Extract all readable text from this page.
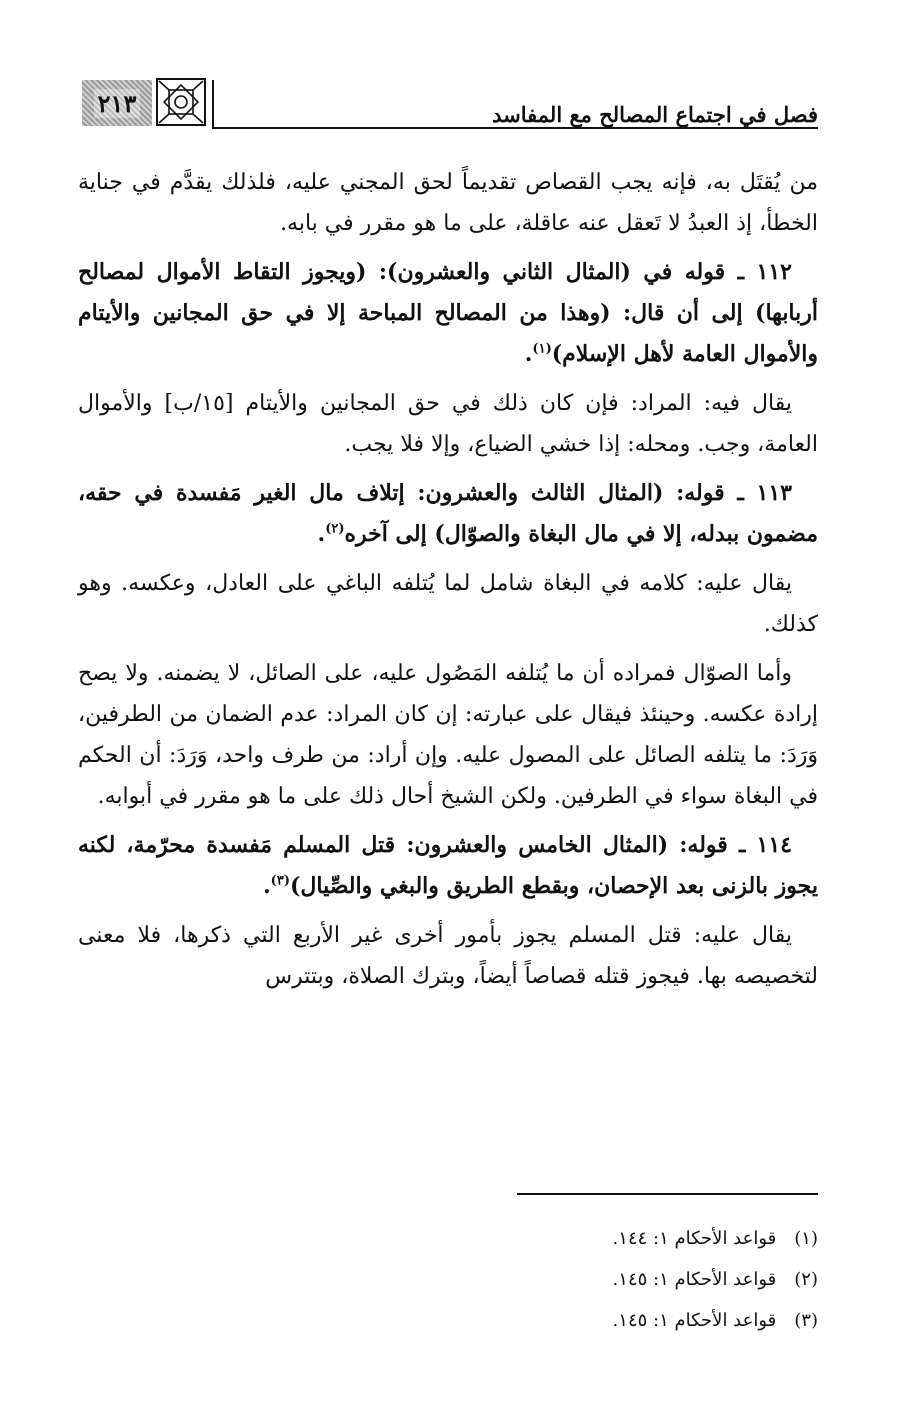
٢١٣	فصل في اجتماع المصالح مع المفاسد

من يُقتَل به، فإنه يجب القصاص تقديماً لحق المجني عليه، فلذلك يقدَّم في جناية الخطأ، إذ العبدُ لا تَعقل عنه عاقلة، على ما هو مقرر في بابه.

١١٢ ـ قوله في (المثال الثاني والعشرون): (ويجوز التقاط الأموال لمصالح أربابها) إلى أن قال: (وهذا من المصالح المباحة إلا في حق المجانين والأيتام والأموال العامة لأهل الإسلام)$^{(١)}$.

يقال فيه: المراد: فإن كان ذلك في حق المجانين والأيتام [١٥/ب] والأموال العامة، وجب. ومحله: إذا خشي الضياع، وإلا فلا يجب.

١١٣ ـ قوله: (المثال الثالث والعشرون: إتلاف مال الغير مَفسدة في حقه، مضمون ببدله، إلا في مال البغاة والصوّال) إلى آخره$^{(٢)}$.

يقال عليه: كلامه في البغاة شامل لما يُتلفه الباغي على العادل، وعكسه. وهو كذلك.

وأما الصوّال فمراده أن ما يُتلفه المَصُول عليه، على الصائل، لا يضمنه. ولا يصح إرادة عكسه. وحينئذ فيقال على عبارته: إن كان المراد: عدم الضمان من الطرفين، وَرَدَ: ما يتلفه الصائل على المصول عليه. وإن أراد: من طرف واحد، وَرَدَ: أن الحكم في البغاة سواء في الطرفين. ولكن الشيخ أحال ذلك على ما هو مقرر في أبوابه.

١١٤ ـ قوله: (المثال الخامس والعشرون: قتل المسلم مَفسدة محرّمة، لكنه يجوز بالزنى بعد الإحصان، وبقطع الطريق والبغي والصِّيال)$^{(٣)}$.

يقال عليه: قتل المسلم يجوز بأمور أخرى غير الأربع التي ذكرها، فلا معنى لتخصيصه بها. فيجوز قتله قصاصاً أيضاً، وبترك الصلاة، وبتترس

(١)قواعد الأحكام ١: ١٤٤.
(٢)قواعد الأحكام ١: ١٤٥.
(٣)قواعد الأحكام ١: ١٤٥.
